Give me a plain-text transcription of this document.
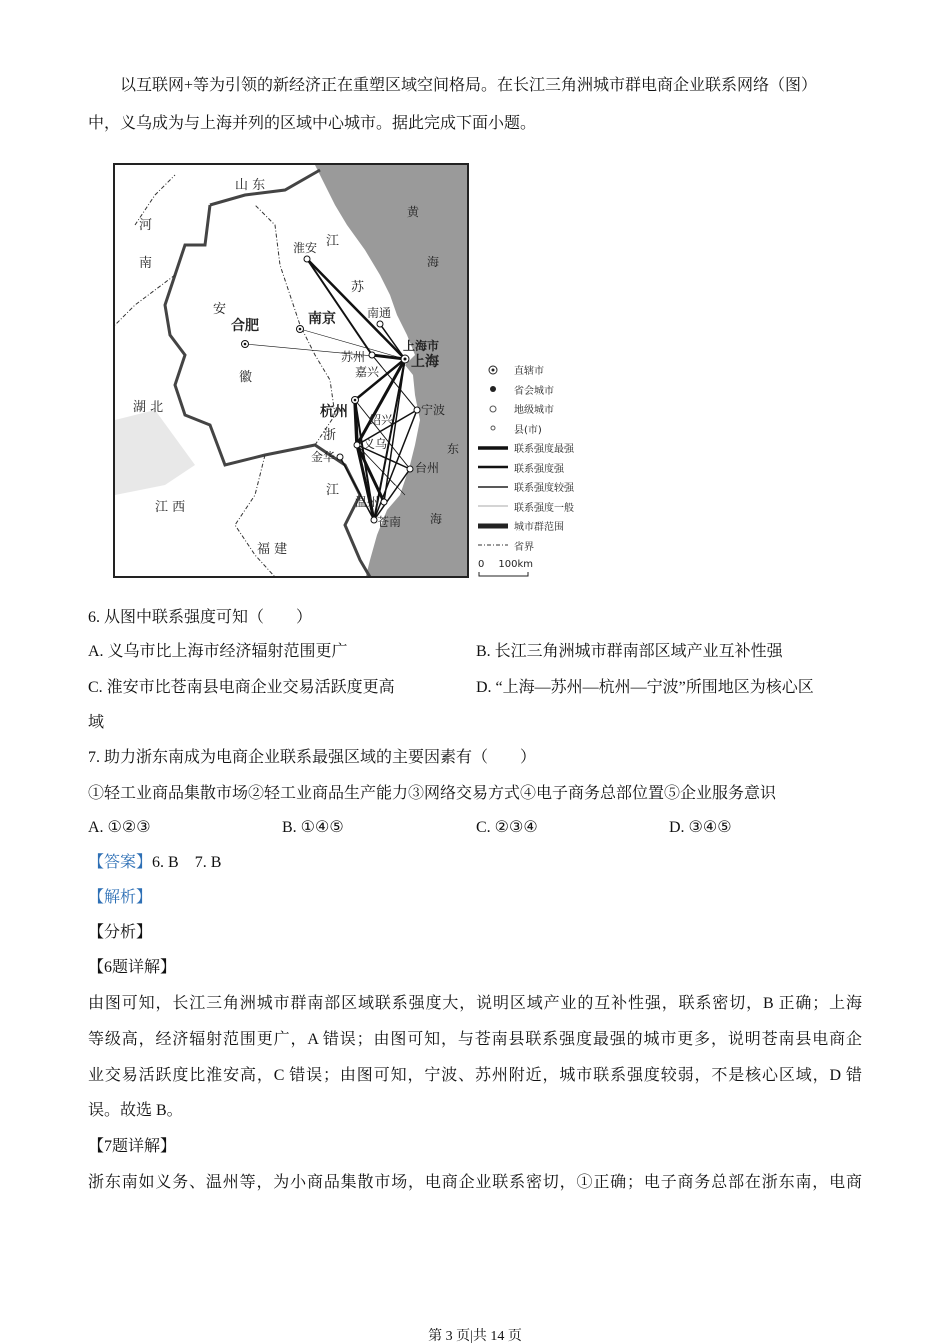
以互联网+等为引领的新经济正在重塑区域空间格局。在长江三角洲城市群电商企业联系网络（图）
中，义乌成为与上海并列的区域中心城市。据此完成下面小题。
山 东
河
南
安
徽
湖 北
江 西
福 建
江
苏
浙
江
黄
海
东
海
淮安
南京
合肥
南通
上海市
上海
苏州
嘉兴
杭州 绍兴
宁波
义乌
金华
台州
温州
苍南
直辖市
省会城市
地级城市
县(市)
联系强度最强
联系强度强
联系强度较强
联系强度一般
城市群范围
省界
0 100km
6. 从图中联系强度可知（　　）
A. 义乌市比上海市经济辐射范围更广	B. 长江三角洲城市群南部区域产业互补性强
C. 淮安市比苍南县电商企业交易活跃度更高	D. “上海—苏州—杭州—宁波”所围地区为核心区
域
7. 助力浙东南成为电商企业联系最强区域的主要因素有（　　）
①轻工业商品集散市场②轻工业商品生产能力③网络交易方式④电子商务总部位置⑤企业服务意识
A. ①②③	B. ①④⑤	C. ②③④	D. ③④⑤
【答案】6. B　7. B
【解析】
【分析】
【6题详解】
由图可知，长江三角洲城市群南部区域联系强度大，说明区域产业的互补性强，联系密切，B 正确；上海
等级高，经济辐射范围更广，A 错误；由图可知，与苍南县联系强度最强的城市更多，说明苍南县电商企
业交易活跃度比淮安高，C 错误；由图可知，宁波、苏州附近，城市联系强度较弱，不是核心区域，D 错
误。故选 B。
【7题详解】
浙东南如义务、温州等，为小商品集散市场，电商企业联系密切，①正确；电子商务总部在浙东南，电商
第 3 页|共 14 页
